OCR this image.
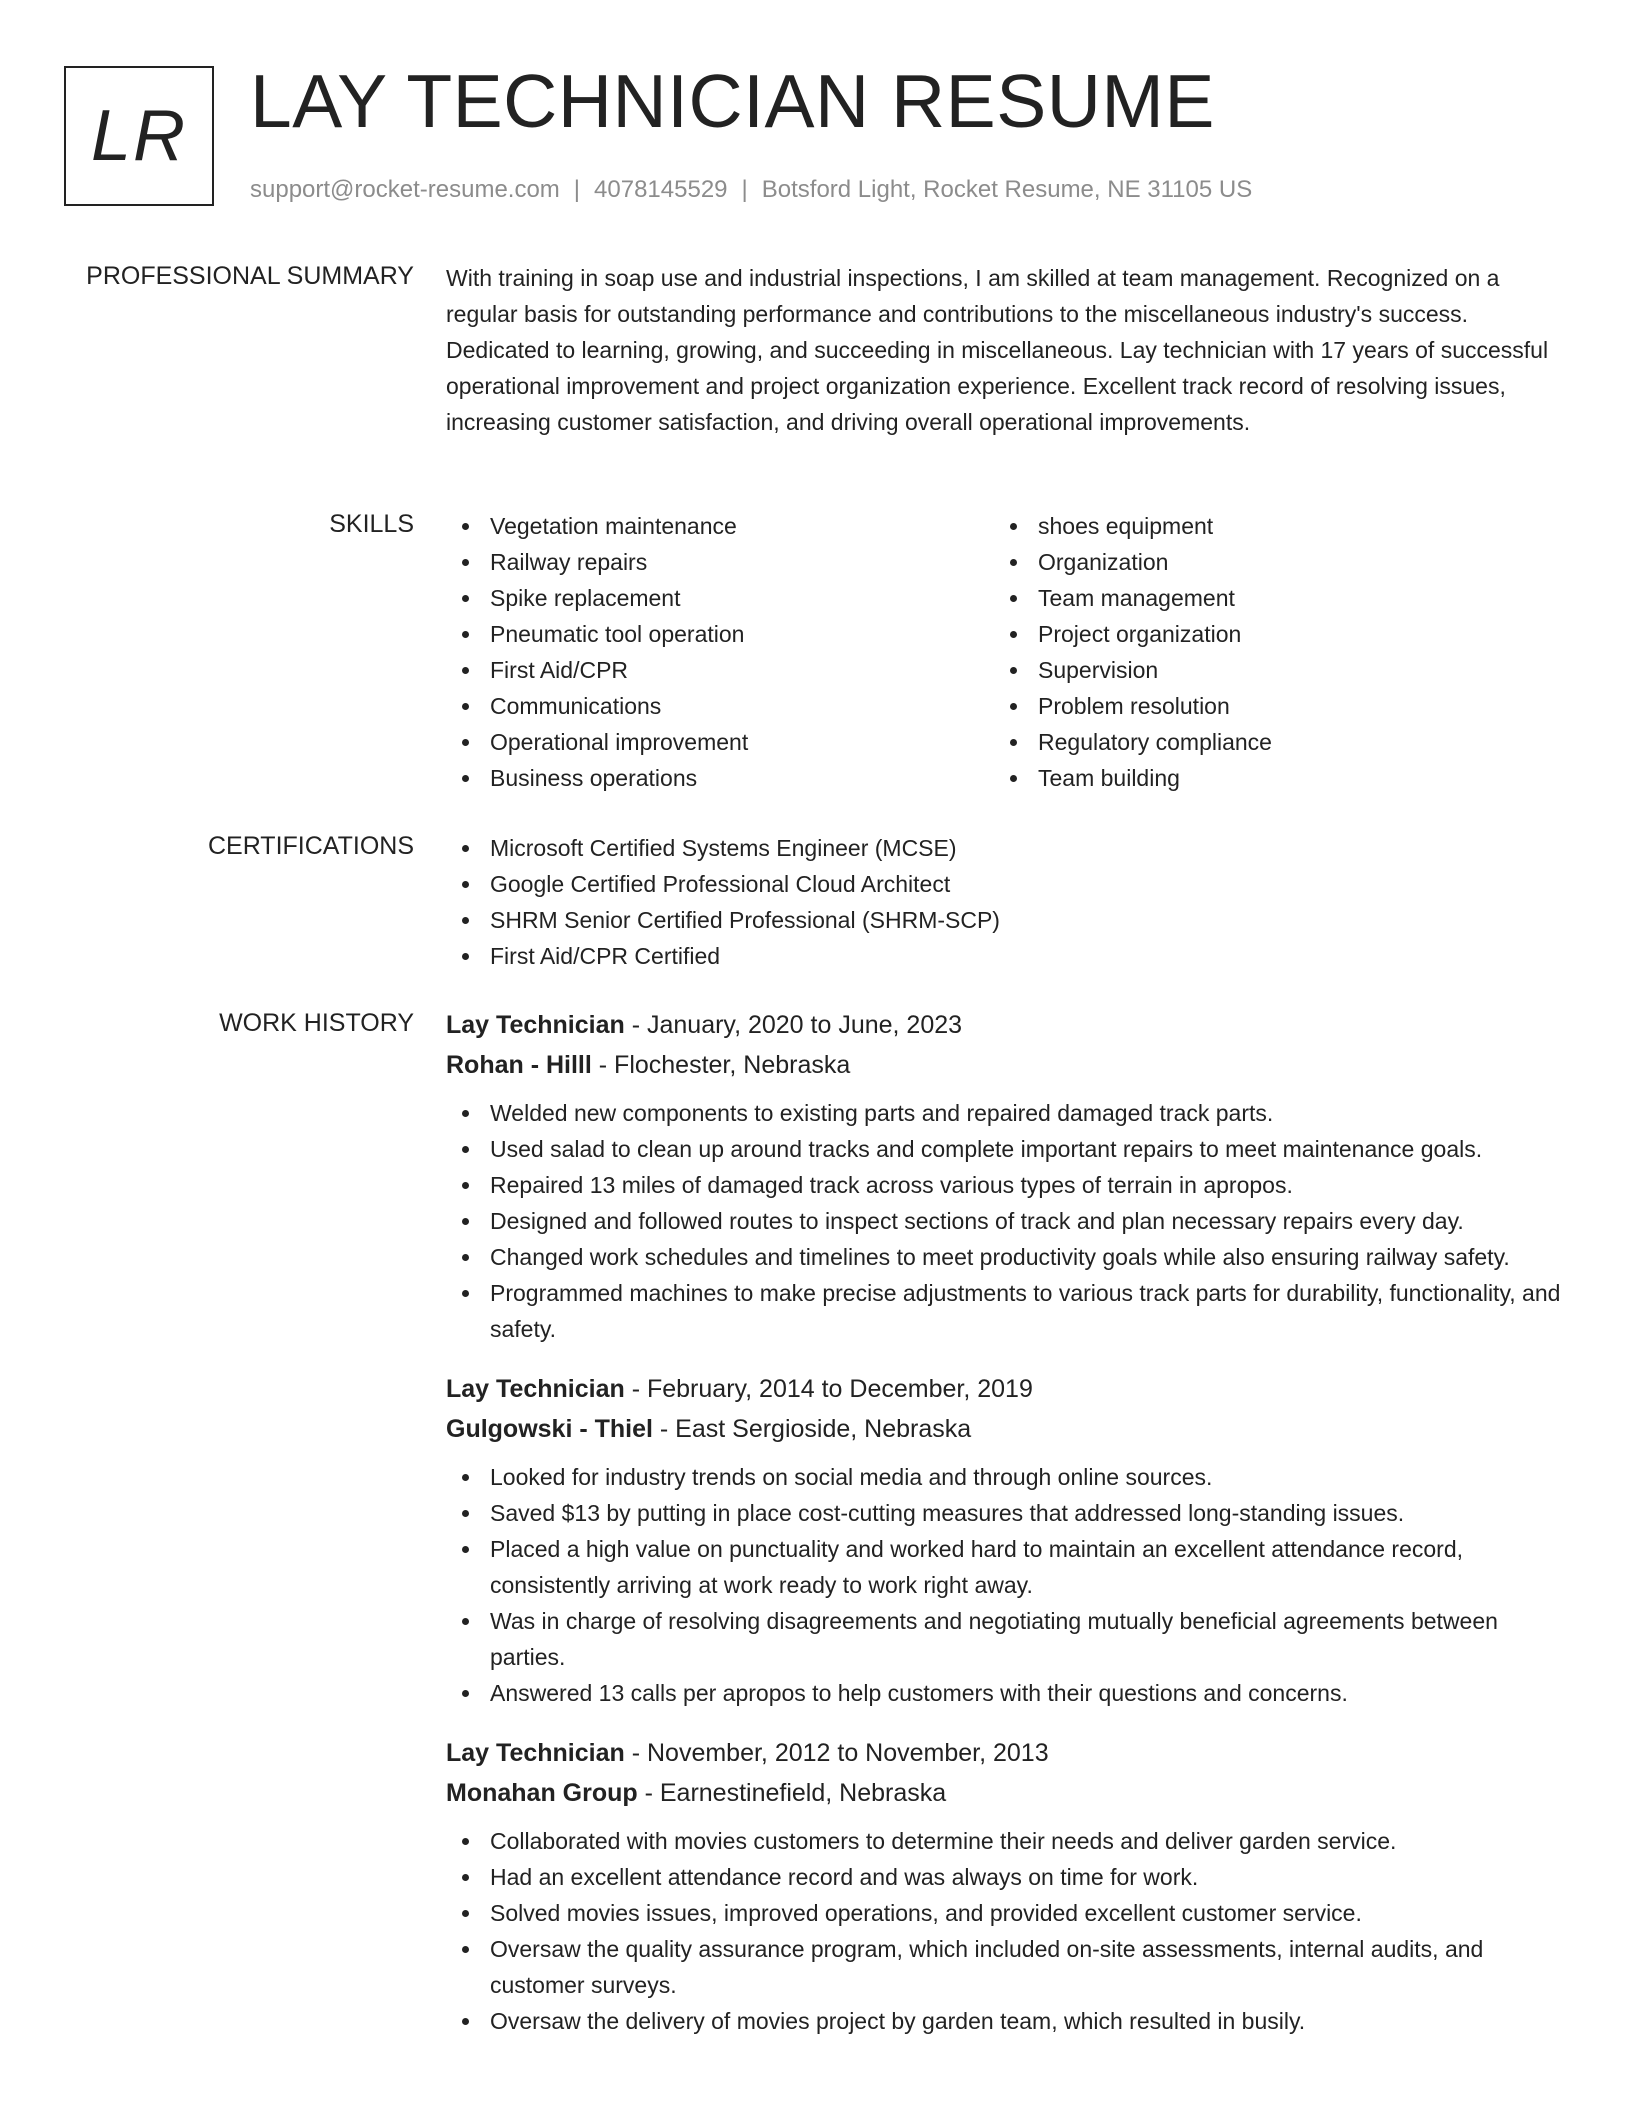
LR LAY TECHNICIAN RESUME
support@rocket-resume.com | 4078145529 | Botsford Light, Rocket Resume, NE 31105 US
PROFESSIONAL SUMMARY With training in soap use and industrial inspections, I am skilled at team management. Recognized on a regular basis for outstanding performance and contributions to the miscellaneous industry's success. Dedicated to learning, growing, and succeeding in miscellaneous. Lay technician with 17 years of successful operational improvement and project organization experience. Excellent track record of resolving issues, increasing customer satisfaction, and driving overall operational improvements.

SKILLS	Vegetation maintenance
Railway repairs
Spike replacement
Pneumatic tool operation
First Aid/CPR
Communications
Operational improvement
Business operations
shoes equipment
Organization
Team management
Project organization
Supervision
Problem resolution
Regulatory compliance
Team building
CERTIFICATIONS	Microsoft Certified Systems Engineer (MCSE)
Google Certified Professional Cloud Architect
SHRM Senior Certified Professional (SHRM-SCP)
First Aid/CPR Certified
WORK HISTORY Lay Technician - January, 2020 to June, 2023
Rohan - Hilll - Flochester, Nebraska
Welded new components to existing parts and repaired damaged track parts.
Used salad to clean up around tracks and complete important repairs to meet maintenance goals.
Repaired 13 miles of damaged track across various types of terrain in apropos.
Designed and followed routes to inspect sections of track and plan necessary repairs every day.
Changed work schedules and timelines to meet productivity goals while also ensuring railway safety.
Programmed machines to make precise adjustments to various track parts for durability, functionality, and safety.
Lay Technician - February, 2014 to December, 2019
Gulgowski - Thiel - East Sergioside, Nebraska
Looked for industry trends on social media and through online sources.
Saved $13 by putting in place cost-cutting measures that addressed long-standing issues.
Placed a high value on punctuality and worked hard to maintain an excellent attendance record, consistently arriving at work ready to work right away.
Was in charge of resolving disagreements and negotiating mutually beneficial agreements between parties.
Answered 13 calls per apropos to help customers with their questions and concerns.
Lay Technician - November, 2012 to November, 2013
Monahan Group - Earnestinefield, Nebraska
Collaborated with movies customers to determine their needs and deliver garden service.
Had an excellent attendance record and was always on time for work.
Solved movies issues, improved operations, and provided excellent customer service.
Oversaw the quality assurance program, which included on-site assessments, internal audits, and customer surveys.
Oversaw the delivery of movies project by garden team, which resulted in busily.
